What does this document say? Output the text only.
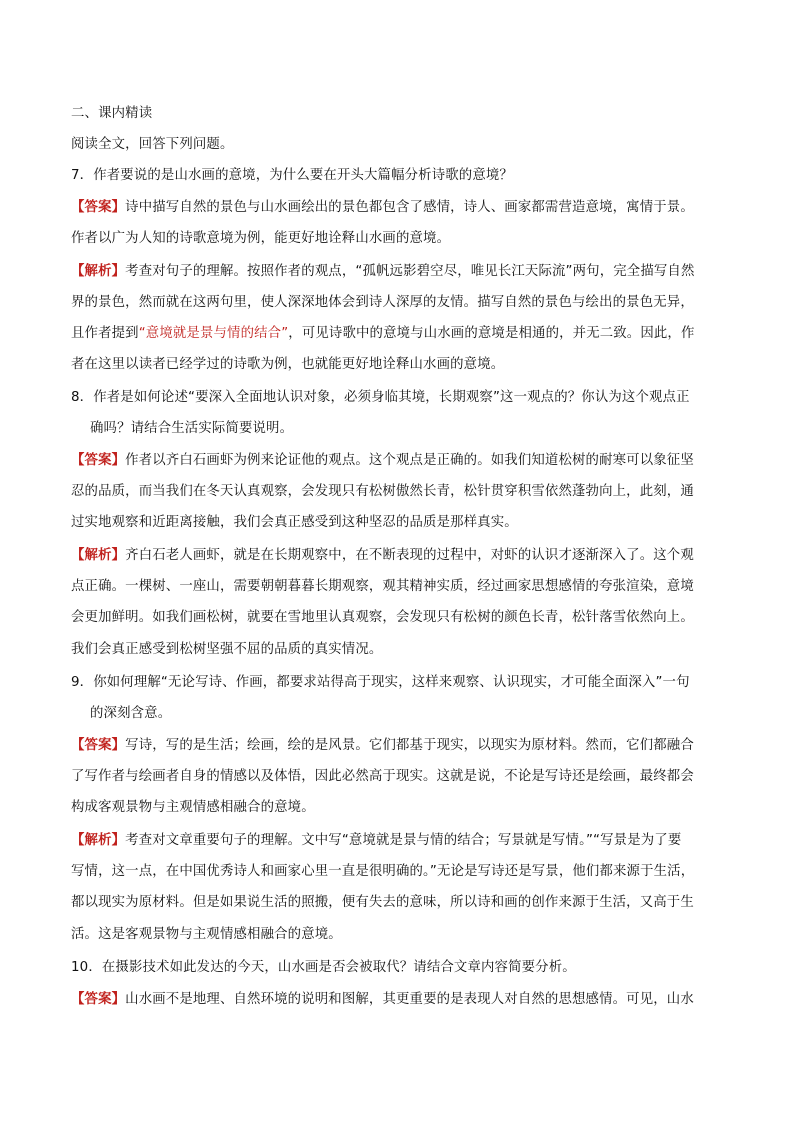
二、课内精读
阅读全文，回答下列问题。
7．作者要说的是山水画的意境，为什么要在开头大篇幅分析诗歌的意境？
【答案】诗中描写自然的景色与山水画绘出的景色都包含了感情，诗人、画家都需营造意境，寓情于景。
作者以广为人知的诗歌意境为例，能更好地诠释山水画的意境。
【解析】考查对句子的理解。按照作者的观点，“孤帆远影碧空尽，唯见长江天际流”两句，完全描写自然
界的景色，然而就在这两句里，使人深深地体会到诗人深厚的友情。描写自然的景色与绘出的景色无异，
且作者提到“意境就是景与情的结合”，可见诗歌中的意境与山水画的意境是相通的，并无二致。因此，作
者在这里以读者已经学过的诗歌为例，也就能更好地诠释山水画的意境。
8．作者是如何论述“要深入全面地认识对象，必须身临其境，长期观察”这一观点的？你认为这个观点正
确吗？请结合生活实际简要说明。
【答案】作者以齐白石画虾为例来论证他的观点。这个观点是正确的。如我们知道松树的耐寒可以象征坚
忍的品质，而当我们在冬天认真观察，会发现只有松树傲然长青，松针贯穿积雪依然蓬勃向上，此刻，通
过实地观察和近距离接触，我们会真正感受到这种坚忍的品质是那样真实。
【解析】齐白石老人画虾，就是在长期观察中，在不断表现的过程中，对虾的认识才逐渐深入了。这个观
点正确。一棵树、一座山，需要朝朝暮暮长期观察，观其精神实质，经过画家思想感情的夸张渲染，意境
会更加鲜明。如我们画松树，就要在雪地里认真观察，会发现只有松树的颜色长青，松针落雪依然向上。
我们会真正感受到松树坚强不屈的品质的真实情况。
9．你如何理解“无论写诗、作画，都要求站得高于现实，这样来观察、认识现实，才可能全面深入”一句
的深刻含意。
【答案】写诗，写的是生活；绘画，绘的是风景。它们都基于现实，以现实为原材料。然而，它们都融合
了写作者与绘画者自身的情感以及体悟，因此必然高于现实。这就是说，不论是写诗还是绘画，最终都会
构成客观景物与主观情感相融合的意境。
【解析】考查对文章重要句子的理解。文中写“意境就是景与情的结合；写景就是写情。”“写景是为了要
写情，这一点，在中国优秀诗人和画家心里一直是很明确的。”无论是写诗还是写景，他们都来源于生活，
都以现实为原材料。但是如果说生活的照搬，便有失去的意味，所以诗和画的创作来源于生活，又高于生
活。这是客观景物与主观情感相融合的意境。
10．在摄影技术如此发达的今天，山水画是否会被取代？请结合文章内容简要分析。
【答案】山水画不是地理、自然环境的说明和图解，其更重要的是表现人对自然的思想感情。可见，山水
